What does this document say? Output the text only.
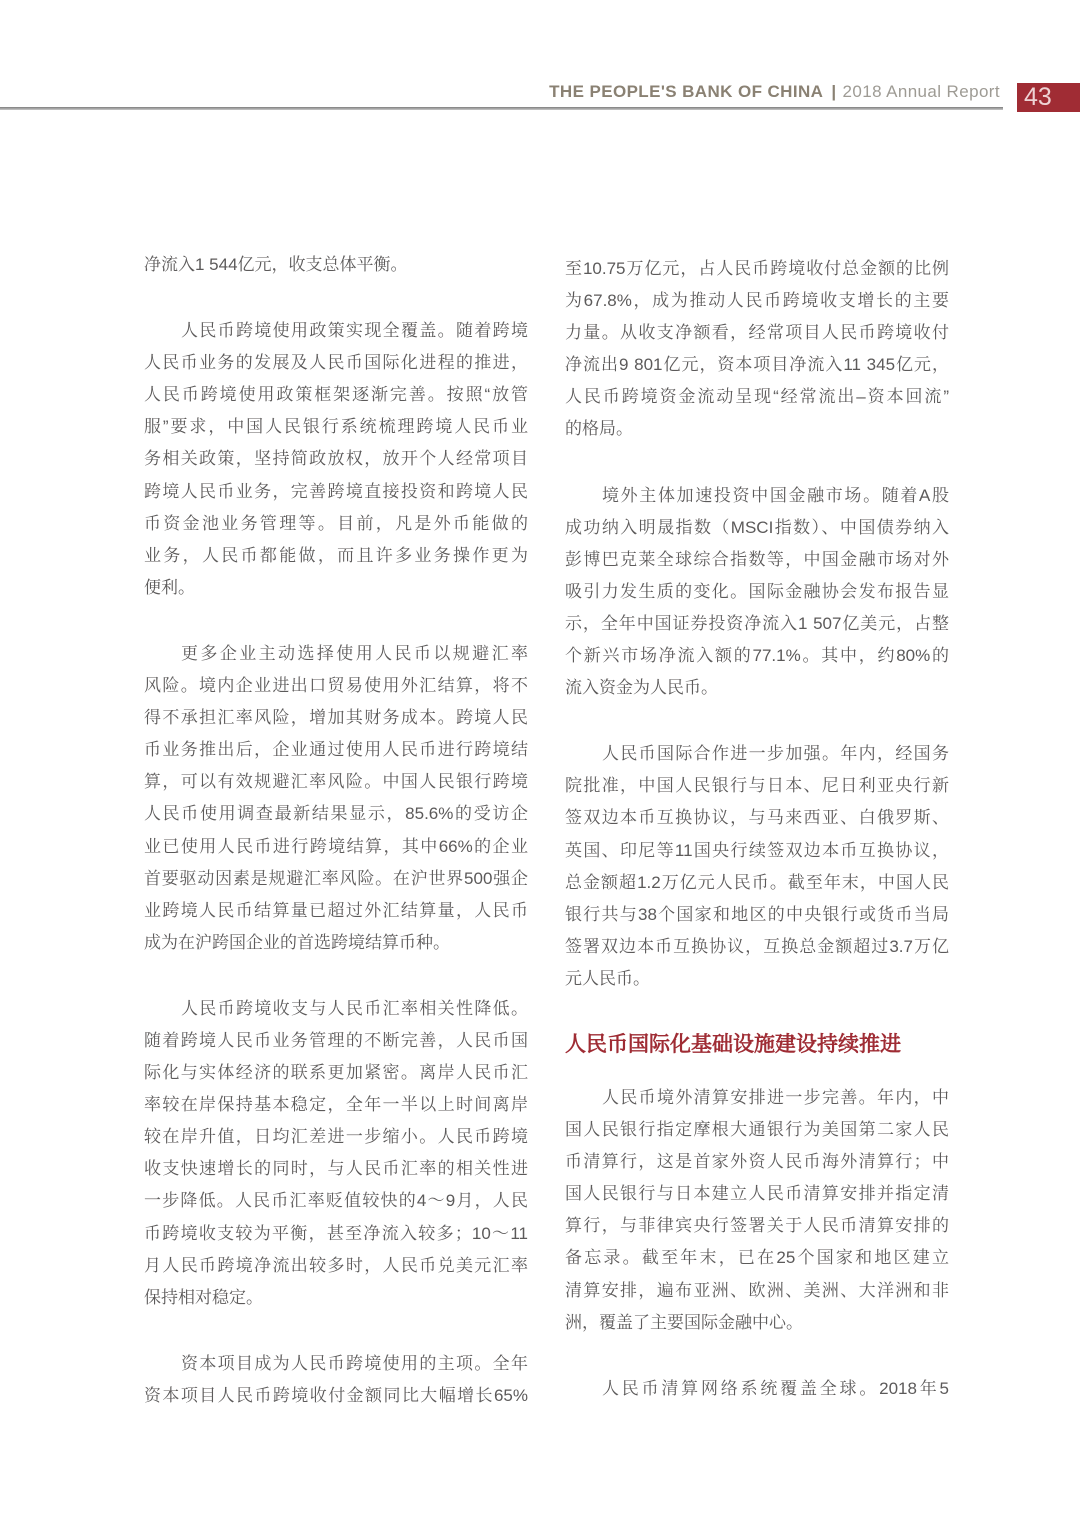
THE PEOPLE'S BANK OF CHINA | 2018 Annual Report 43
净流入1 544亿元，收支总体平衡。
人民币跨境使用政策实现全覆盖。随着跨境
人民币业务的发展及人民币国际化进程的推进，
人民币跨境使用政策框架逐渐完善。按照“放管
服”要求，中国人民银行系统梳理跨境人民币业
务相关政策，坚持简政放权，放开个人经常项目
跨境人民币业务，完善跨境直接投资和跨境人民
币资金池业务管理等。目前，凡是外币能做的
业务，人民币都能做，而且许多业务操作更为
便利。
更多企业主动选择使用人民币以规避汇率
风险。境内企业进出口贸易使用外汇结算，将不
得不承担汇率风险，增加其财务成本。跨境人民
币业务推出后，企业通过使用人民币进行跨境结
算，可以有效规避汇率风险。中国人民银行跨境
人民币使用调查最新结果显示，85.6%的受访企
业已使用人民币进行跨境结算，其中66%的企业
首要驱动因素是规避汇率风险。在沪世界500强企
业跨境人民币结算量已超过外汇结算量，人民币
成为在沪跨国企业的首选跨境结算币种。
人民币跨境收支与人民币汇率相关性降低。
随着跨境人民币业务管理的不断完善，人民币国
际化与实体经济的联系更加紧密。离岸人民币汇
率较在岸保持基本稳定，全年一半以上时间离岸
较在岸升值，日均汇差进一步缩小。人民币跨境
收支快速增长的同时，与人民币汇率的相关性进
一步降低。人民币汇率贬值较快的4～9月，人民
币跨境收支较为平衡，甚至净流入较多；10～11
月人民币跨境净流出较多时，人民币兑美元汇率
保持相对稳定。
资本项目成为人民币跨境使用的主项。全年
资本项目人民币跨境收付金额同比大幅增长65%
至10.75万亿元，占人民币跨境收付总金额的比例
为67.8%，成为推动人民币跨境收支增长的主要
力量。从收支净额看，经常项目人民币跨境收付
净流出9 801亿元，资本项目净流入11 345亿元，
人民币跨境资金流动呈现“经常流出–资本回流”
的格局。
境外主体加速投资中国金融市场。随着A股
成功纳入明晟指数（MSCI指数）、中国债券纳入
彭博巴克莱全球综合指数等，中国金融市场对外
吸引力发生质的变化。国际金融协会发布报告显
示，全年中国证券投资净流入1 507亿美元，占整
个新兴市场净流入额的77.1%。其中，约80%的
流入资金为人民币。
人民币国际合作进一步加强。年内，经国务
院批准，中国人民银行与日本、尼日利亚央行新
签双边本币互换协议，与马来西亚、白俄罗斯、
英国、印尼等11国央行续签双边本币互换协议，
总金额超1.2万亿元人民币。截至年末，中国人民
银行共与38个国家和地区的中央银行或货币当局
签署双边本币互换协议，互换总金额超过3.7万亿
元人民币。
人民币国际化基础设施建设持续推进
人民币境外清算安排进一步完善。年内，中
国人民银行指定摩根大通银行为美国第二家人民
币清算行，这是首家外资人民币海外清算行；中
国人民银行与日本建立人民币清算安排并指定清
算行，与菲律宾央行签署关于人民币清算安排的
备忘录。截至年末，已在25个国家和地区建立
清算安排，遍布亚洲、欧洲、美洲、大洋洲和非
洲，覆盖了主要国际金融中心。
人民币清算网络系统覆盖全球。2018年5
